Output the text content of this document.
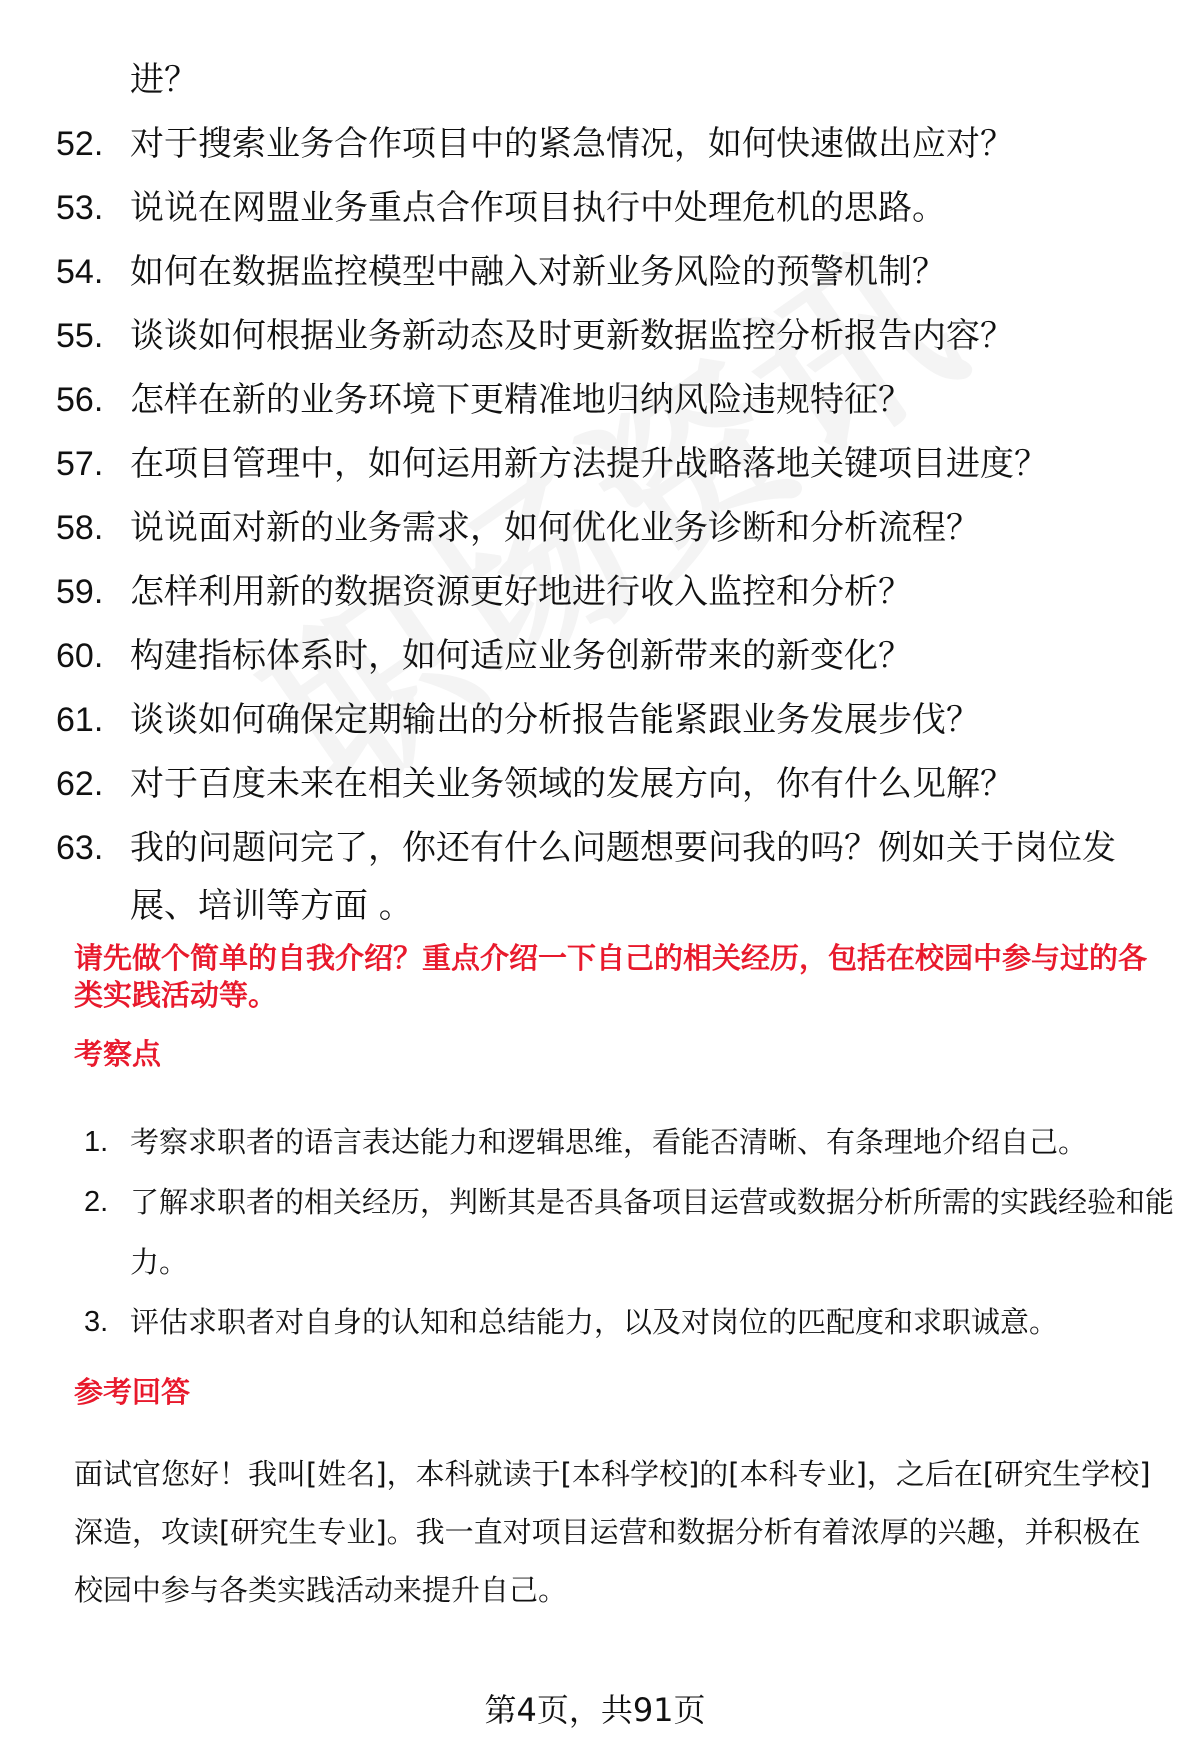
进？
52. 对于搜索业务合作项目中的紧急情况，如何快速做出应对？
53. 说说在网盟业务重点合作项目执行中处理危机的思路。
54. 如何在数据监控模型中融入对新业务风险的预警机制？
55. 谈谈如何根据业务新动态及时更新数据监控分析报告内容？
56. 怎样在新的业务环境下更精准地归纳风险违规特征？
57. 在项目管理中，如何运用新方法提升战略落地关键项目进度？
58. 说说面对新的业务需求，如何优化业务诊断和分析流程？
59. 怎样利用新的数据资源更好地进行收入监控和分析？
60. 构建指标体系时，如何适应业务创新带来的新变化？
61. 谈谈如何确保定期输出的分析报告能紧跟业务发展步伐？
62. 对于百度未来在相关业务领域的发展方向，你有什么见解？
63. 我的问题问完了，你还有什么问题想要问我的吗？例如关于岗位发展、培训等方面 。
请先做个简单的自我介绍？重点介绍一下自己的相关经历，包括在校园中参与过的各类实践活动等。
考察点
1. 考察求职者的语言表达能力和逻辑思维，看能否清晰、有条理地介绍自己。
2. 了解求职者的相关经历，判断其是否具备项目运营或数据分析所需的实践经验和能力。
3. 评估求职者对自身的认知和总结能力，以及对岗位的匹配度和求职诚意。
参考回答
面试官您好！我叫[姓名]，本科就读于[本科学校]的[本科专业]，之后在[研究生学校]深造，攻读[研究生专业]。我一直对项目运营和数据分析有着浓厚的兴趣，并积极在校园中参与各类实践活动来提升自己。
第4页，共91页
